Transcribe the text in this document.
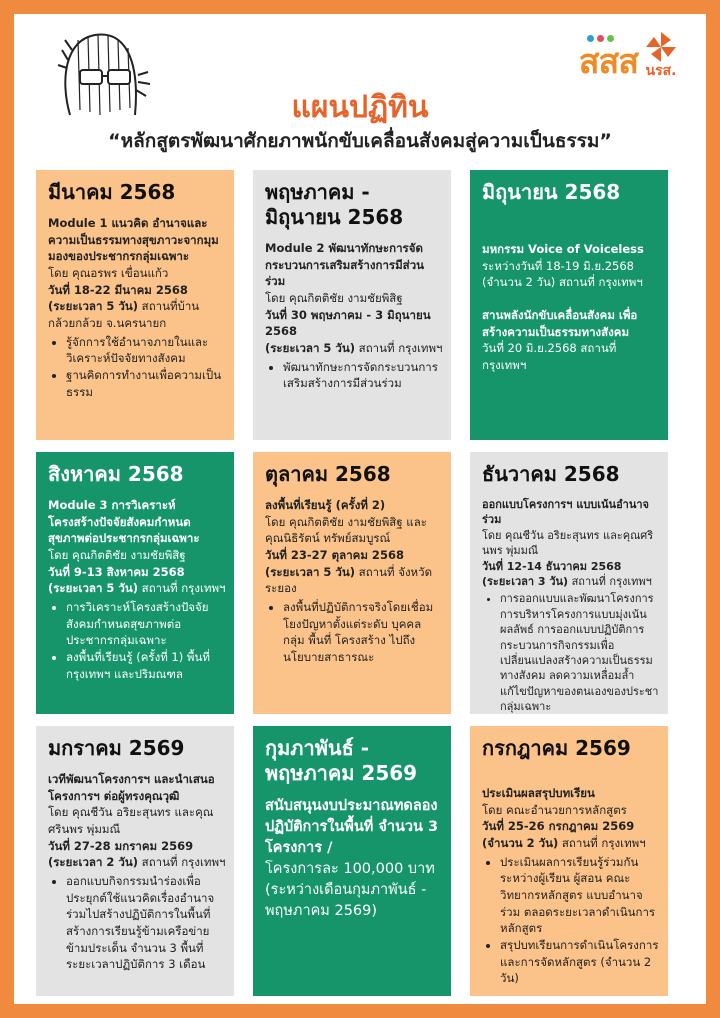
สสส นรส.
แผนปฏิทิน
“หลักสูตรพัฒนาศักยภาพนักขับเคลื่อนสังคมสู่ความเป็นธรรม”
มีนาคม 2568

Module 1 แนวคิด อำนาจและความเป็นธรรมทางสุขภาวะจากมุมมองของประชากรกลุ่มเฉพาะ

โดย คุณอรพร เขื่อนแก้ว

วันที่ 18-22 มีนาคม 2568

(ระยะเวลา 5 วัน) สถานที่บ้านกล้วยกล้วย จ.นครนายก

• รู้จักการใช้อำนาจภายในและวิเคราะห์ปัจจัยทางสังคม
• ฐานคิดการทำงานเพื่อความเป็นธรรม
พฤษภาคม - มิถุนายน 2568

Module 2 พัฒนาทักษะการจัดกระบวนการเสริมสร้างการมีส่วนร่วม

โดย คุณกิตติชัย งามชัยพิสิฐ

วันที่ 30 พฤษภาคม - 3 มิถุนายน 2568

(ระยะเวลา 5 วัน) สถานที่ กรุงเทพฯ

• พัฒนาทักษะการจัดกระบวนการเสริมสร้างการมีส่วนร่วม
มิถุนายน 2568

มหกรรม Voice of Voiceless

ระหว่างวันที่ 18-19 มิ.ย.2568 (จำนวน 2 วัน) สถานที่ กรุงเทพฯ

สานพลังนักขับเคลื่อนสังคม เพื่อสร้างความเป็นธรรมทางสังคม

วันที่ 20 มิ.ย.2568 สถานที่ กรุงเทพฯ

สิงหาคม 2568

Module 3 การวิเคราะห์โครงสร้างปัจจัยสังคมกำหนดสุขภาพต่อประชากรกลุ่มเฉพาะ

โดย คุณกิตติชัย งามชัยพิสิฐ

วันที่ 9-13 สิงหาคม 2568

(ระยะเวลา 5 วัน) สถานที่ กรุงเทพฯ

• การวิเคราะห์โครงสร้างปัจจัยสังคมกำหนดสุขภาพต่อประชากรกลุ่มเฉพาะ
• ลงพื้นที่เรียนรู้ (ครั้งที่ 1) พื้นที่กรุงเทพฯ และปริมณฑล
ตุลาคม 2568

ลงพื้นที่เรียนรู้ (ครั้งที่ 2)

โดย คุณกิตติชัย งามชัยพิสิฐ และคุณนิธิรัตน์ ทรัพย์สมบูรณ์

วันที่ 23-27 ตุลาคม 2568

(ระยะเวลา 5 วัน) สถานที่ จังหวัดระยอง

• ลงพื้นที่ปฏิบัติการจริงโดยเชื่อมโยงปัญหาตั้งแต่ระดับ บุคคล กลุ่ม พื้นที่ โครงสร้าง ไปถึงนโยบายสาธารณะ
ธันวาคม 2568

ออกแบบโครงการฯ แบบเน้นอำนาจร่วม

โดย คุณชีวัน อริยะสุนทร และคุณศรินพร พุ่มมณี

วันที่ 12-14 ธันวาคม 2568

(ระยะเวลา 3 วัน) สถานที่ กรุงเทพฯ

• การออกแบบและพัฒนาโครงการ การบริหารโครงการแบบมุ่งเน้นผลลัพธ์ การออกแบบปฏิบัติการ กระบวนการกิจกรรมเพื่อเปลี่ยนแปลงสร้างความเป็นธรรมทางสังคม ลดความเหลื่อมล้ำ แก้ไขปัญหาของตนเองของประชากลุ่มเฉพาะ
มกราคม 2569

เวทีพัฒนาโครงการฯ และนำเสนอโครงการฯ ต่อผู้ทรงคุณวุฒิ

โดย คุณชีวัน อริยะสุนทร และคุณศรินพร พุ่มมณี

วันที่ 27-28 มกราคม 2569

(ระยะเวลา 2 วัน) สถานที่ กรุงเทพฯ

• ออกแบบกิจกรรมนำร่องเพื่อประยุกต์ใช้แนวคิดเรื่องอำนาจร่วมไปสร้างปฏิบัติการในพื้นที่ สร้างการเรียนรู้ข้ามเครือข่าย ข้ามประเด็น จำนวน 3 พื้นที่ ระยะเวลาปฏิบัติการ 3 เดือน
กุมภาพันธ์ - พฤษภาคม 2569

สนับสนุนงบประมาณทดลองปฏิบัติการในพื้นที่ จำนวน 3 โครงการ /

โครงการละ 100,000 บาท (ระหว่างเดือนกุมภาพันธ์ - พฤษภาคม 2569)

กรกฎาคม 2569

ประเมินผลสรุปบทเรียน

โดย คณะอำนวยการหลักสูตร

วันที่ 25-26 กรกฎาคม 2569

(จำนวน 2 วัน) สถานที่ กรุงเทพฯ

• ประเมินผลการเรียนรู้ร่วมกันระหว่างผู้เรียน ผู้สอน คณะวิทยากรหลักสูตร แบบอำนาจร่วม ตลอดระยะเวลาดำเนินการหลักสูตร
• สรุปบทเรียนการดำเนินโครงการและการจัดหลักสูตร (จำนวน 2 วัน)
